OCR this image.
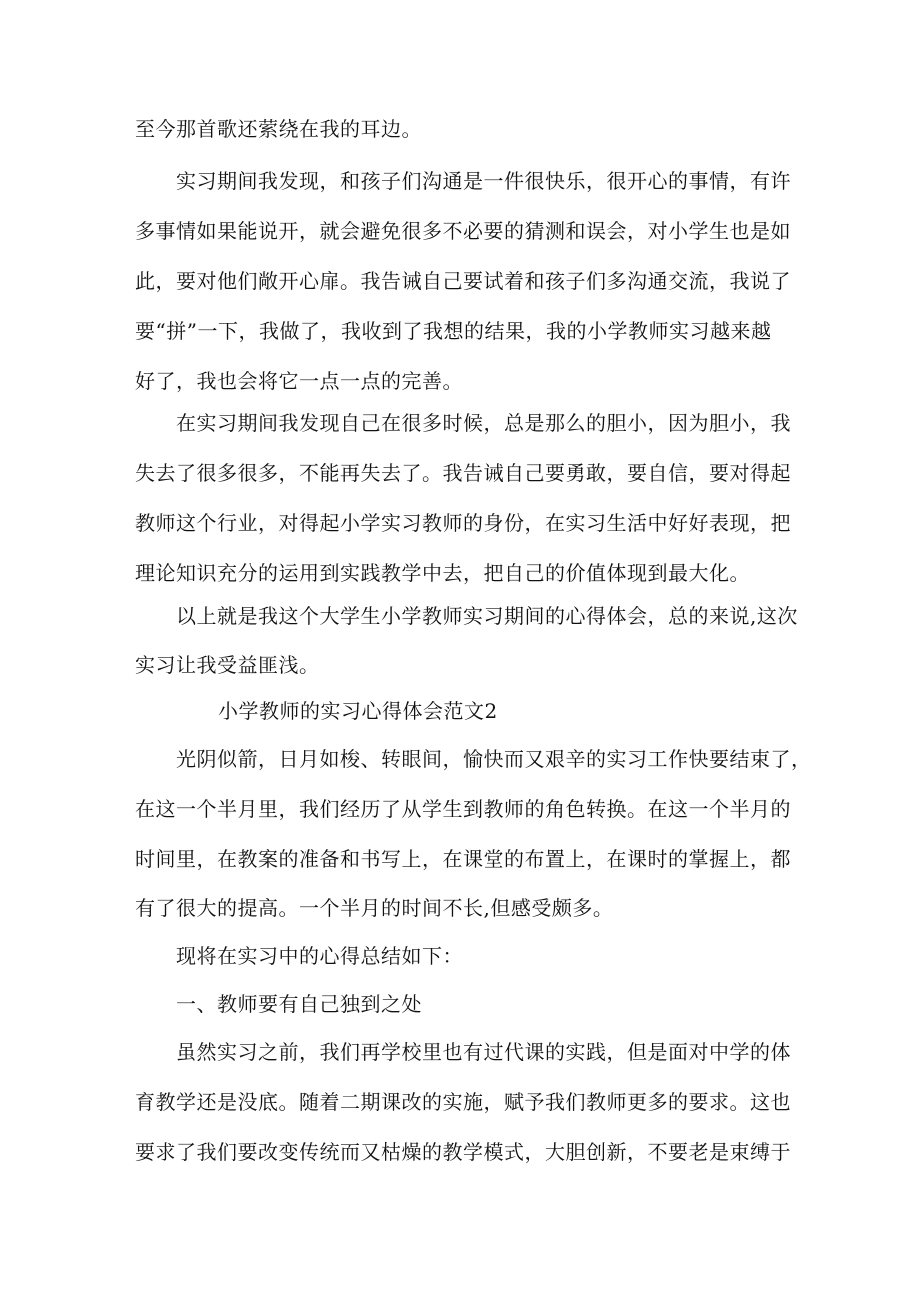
至今那首歌还萦绕在我的耳边。

实习期间我发现，和孩子们沟通是一件很快乐，很开心的事情，有许

多事情如果能说开，就会避免很多不必要的猜测和误会，对小学生也是如

此，要对他们敞开心扉。我告诫自己要试着和孩子们多沟通交流，我说了

要“拼”一下，我做了，我收到了我想的结果，我的小学教师实习越来越

好了，我也会将它一点一点的完善。

在实习期间我发现自己在很多时候，总是那么的胆小，因为胆小，我

失去了很多很多，不能再失去了。我告诫自己要勇敢，要自信，要对得起

教师这个行业，对得起小学实习教师的身份，在实习生活中好好表现，把

理论知识充分的运用到实践教学中去，把自己的价值体现到最大化。

以上就是我这个大学生小学教师实习期间的心得体会，总的来说,这次

实习让我受益匪浅。

小学教师的实习心得体会范文2

光阴似箭，日月如梭、转眼间，愉快而又艰辛的实习工作快要结束了，

在这一个半月里，我们经历了从学生到教师的角色转换。在这一个半月的

时间里，在教案的准备和书写上，在课堂的布置上，在课时的掌握上，都

有了很大的提高。一个半月的时间不长,但感受颇多。

现将在实习中的心得总结如下：

一、教师要有自己独到之处

虽然实习之前，我们再学校里也有过代课的实践，但是面对中学的体

育教学还是没底。随着二期课改的实施，赋予我们教师更多的要求。这也

要求了我们要改变传统而又枯燥的教学模式，大胆创新，不要老是束缚于
